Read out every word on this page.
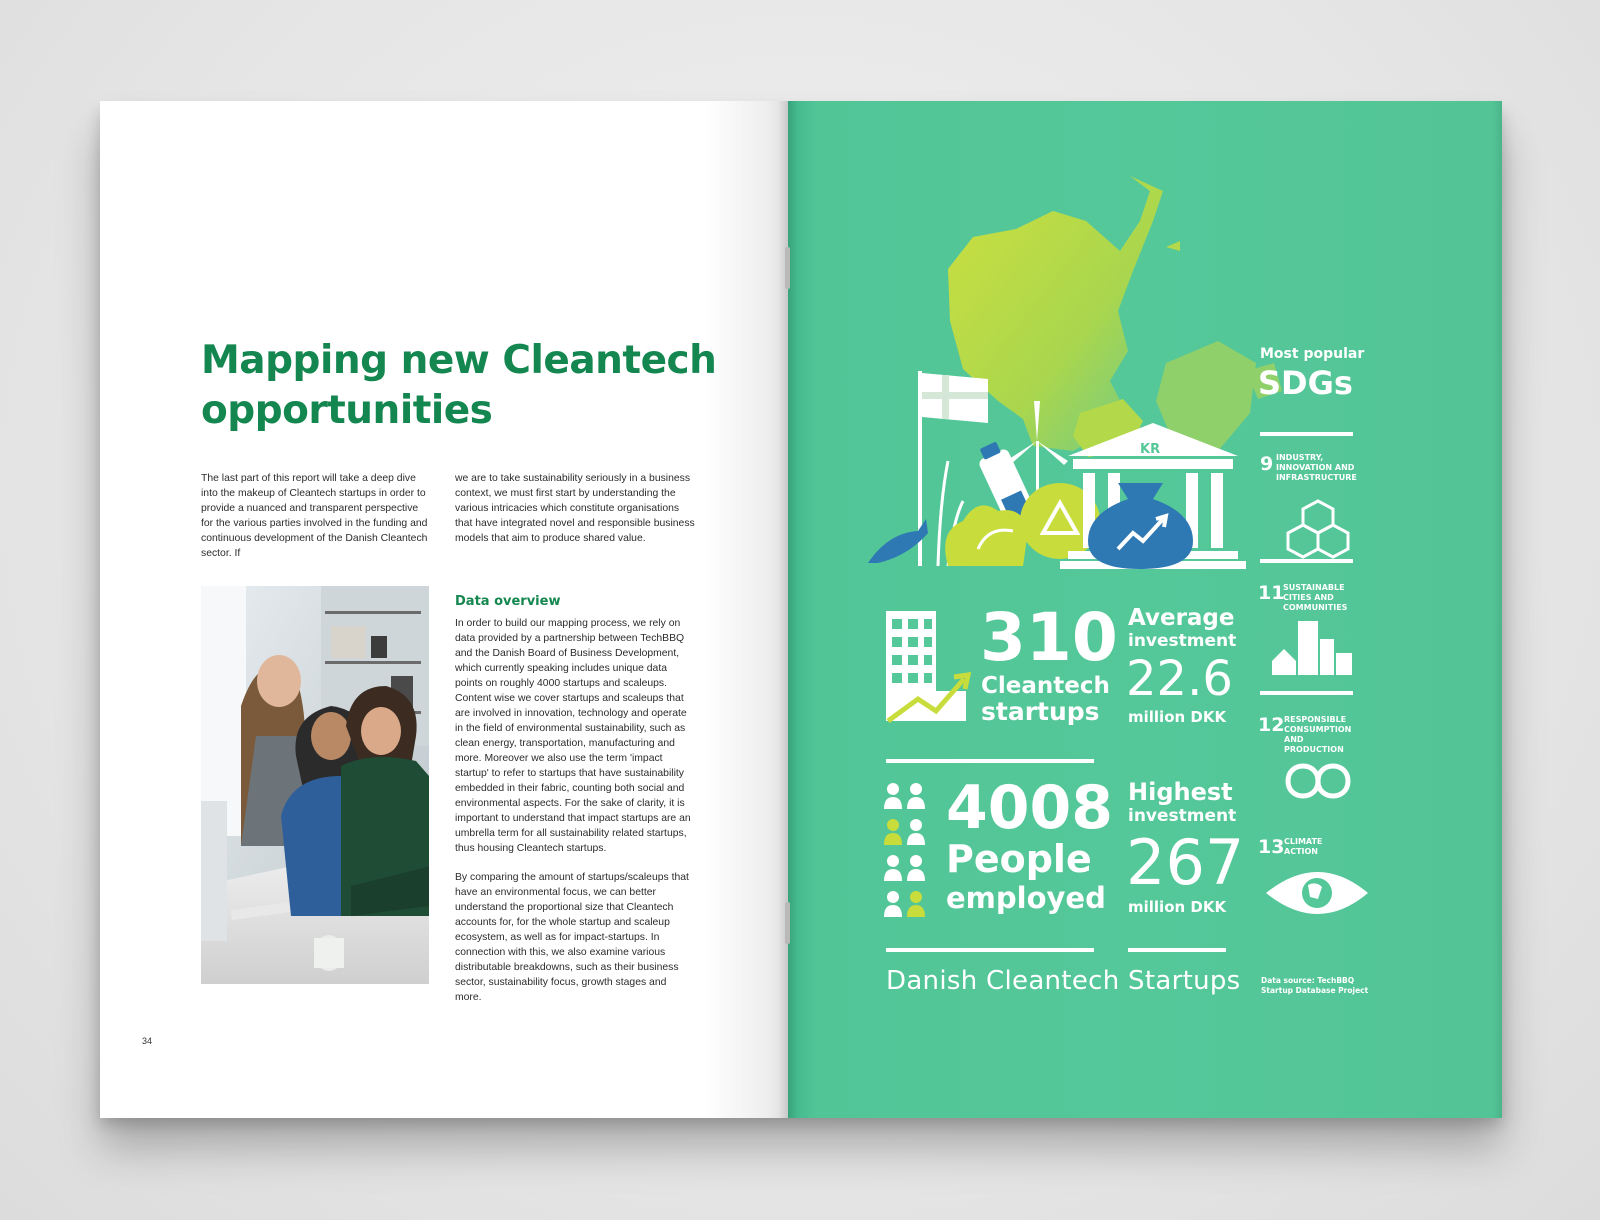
Mapping new Cleantech opportunities

The last part of this report will take a deep dive into the makeup of Cleantech startups in order to provide a nuanced and transparent perspective for the various parties involved in the funding and continuous development of the Danish Cleantech sector. If

we are to take sustainability seriously in a business context, we must first start by understanding the various intricacies which constitute organisations that have integrated novel and responsible business models that aim to produce shared value.

Data overview

In order to build our mapping process, we rely on data provided by a partnership between TechBBQ and the Danish Board of Business Development, which currently speaking includes unique data points on roughly 4000 startups and scaleups. Content wise we cover startups and scaleups that are involved in innovation, technology and operate in the field of environmental sustainability, such as clean energy, transportation, manufacturing and more. Moreover we also use the term 'impact startup' to refer to startups that have sustainability embedded in their fabric, counting both social and environmental aspects. For the sake of clarity, it is important to understand that impact startups are an umbrella term for all sustainability related startups, thus housing Cleantech startups.

By comparing the amount of startups/scaleups that have an environmental focus, we can better understand the proportional size that Cleantech accounts for, for the whole startup and scaleup ecosystem, as well as for impact-startups. In connection with this, we also examine various distributable breakdowns, such as their business sector, sustainability focus, growth stages and more.

34
KR
Most popular
SDGs
9 INDUSTRY, INNOVATION AND INFRASTRUCTURE
11
SUSTAINABLE CITIES AND COMMUNITIES
12 RESPONSIBLE CONSUMPTION AND PRODUCTION
13 CLIMATE ACTION
310
Cleantech
startups
Average
investment
22.6
million DKK
4008
People
employed
Highest
investment
267
million DKK
Danish Cleantech Startups	Data source: TechBBQ
Startup Database Project
